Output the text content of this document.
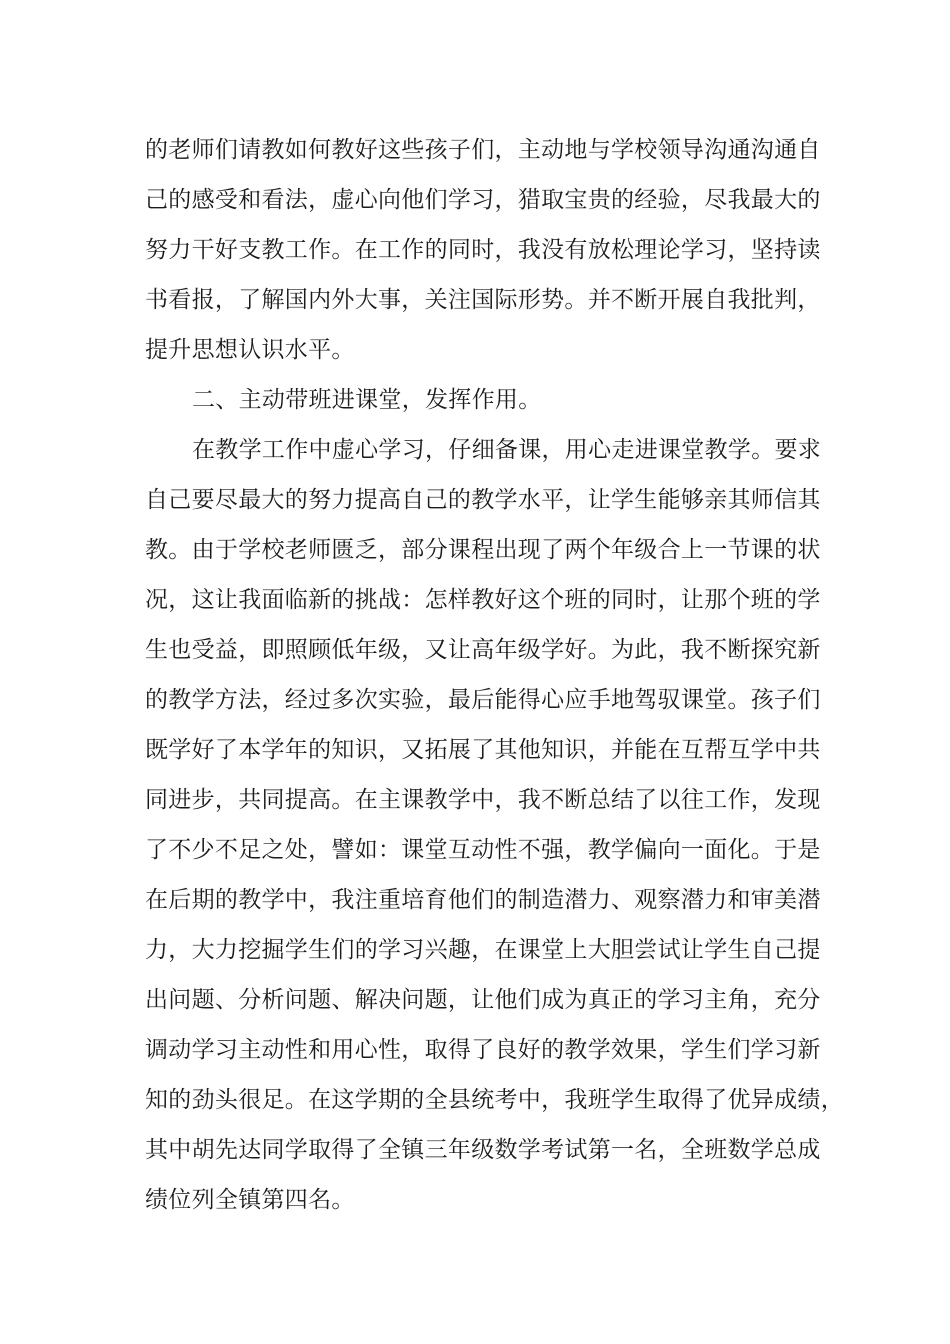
的老师们请教如何教好这些孩子们，主动地与学校领导沟通沟通自
己的感受和看法，虚心向他们学习，猎取宝贵的经验，尽我最大的
努力干好支教工作。在工作的同时，我没有放松理论学习，坚持读
书看报，了解国内外大事，关注国际形势。并不断开展自我批判，
提升思想认识水平。
二、主动带班进课堂，发挥作用。
在教学工作中虚心学习，仔细备课，用心走进课堂教学。要求
自己要尽最大的努力提高自己的教学水平，让学生能够亲其师信其
教。由于学校老师匮乏，部分课程出现了两个年级合上一节课的状
况，这让我面临新的挑战：怎样教好这个班的同时，让那个班的学
生也受益，即照顾低年级，又让高年级学好。为此，我不断探究新
的教学方法，经过多次实验，最后能得心应手地驾驭课堂。孩子们
既学好了本学年的知识，又拓展了其他知识，并能在互帮互学中共
同进步，共同提高。在主课教学中，我不断总结了以往工作，发现
了不少不足之处，譬如：课堂互动性不强，教学偏向一面化。于是
在后期的教学中，我注重培育他们的制造潜力、观察潜力和审美潜
力，大力挖掘学生们的学习兴趣，在课堂上大胆尝试让学生自己提
出问题、分析问题、解决问题，让他们成为真正的学习主角，充分
调动学习主动性和用心性，取得了良好的教学效果，学生们学习新
知的劲头很足。在这学期的全县统考中，我班学生取得了优异成绩，
其中胡先达同学取得了全镇三年级数学考试第一名，全班数学总成
绩位列全镇第四名。
